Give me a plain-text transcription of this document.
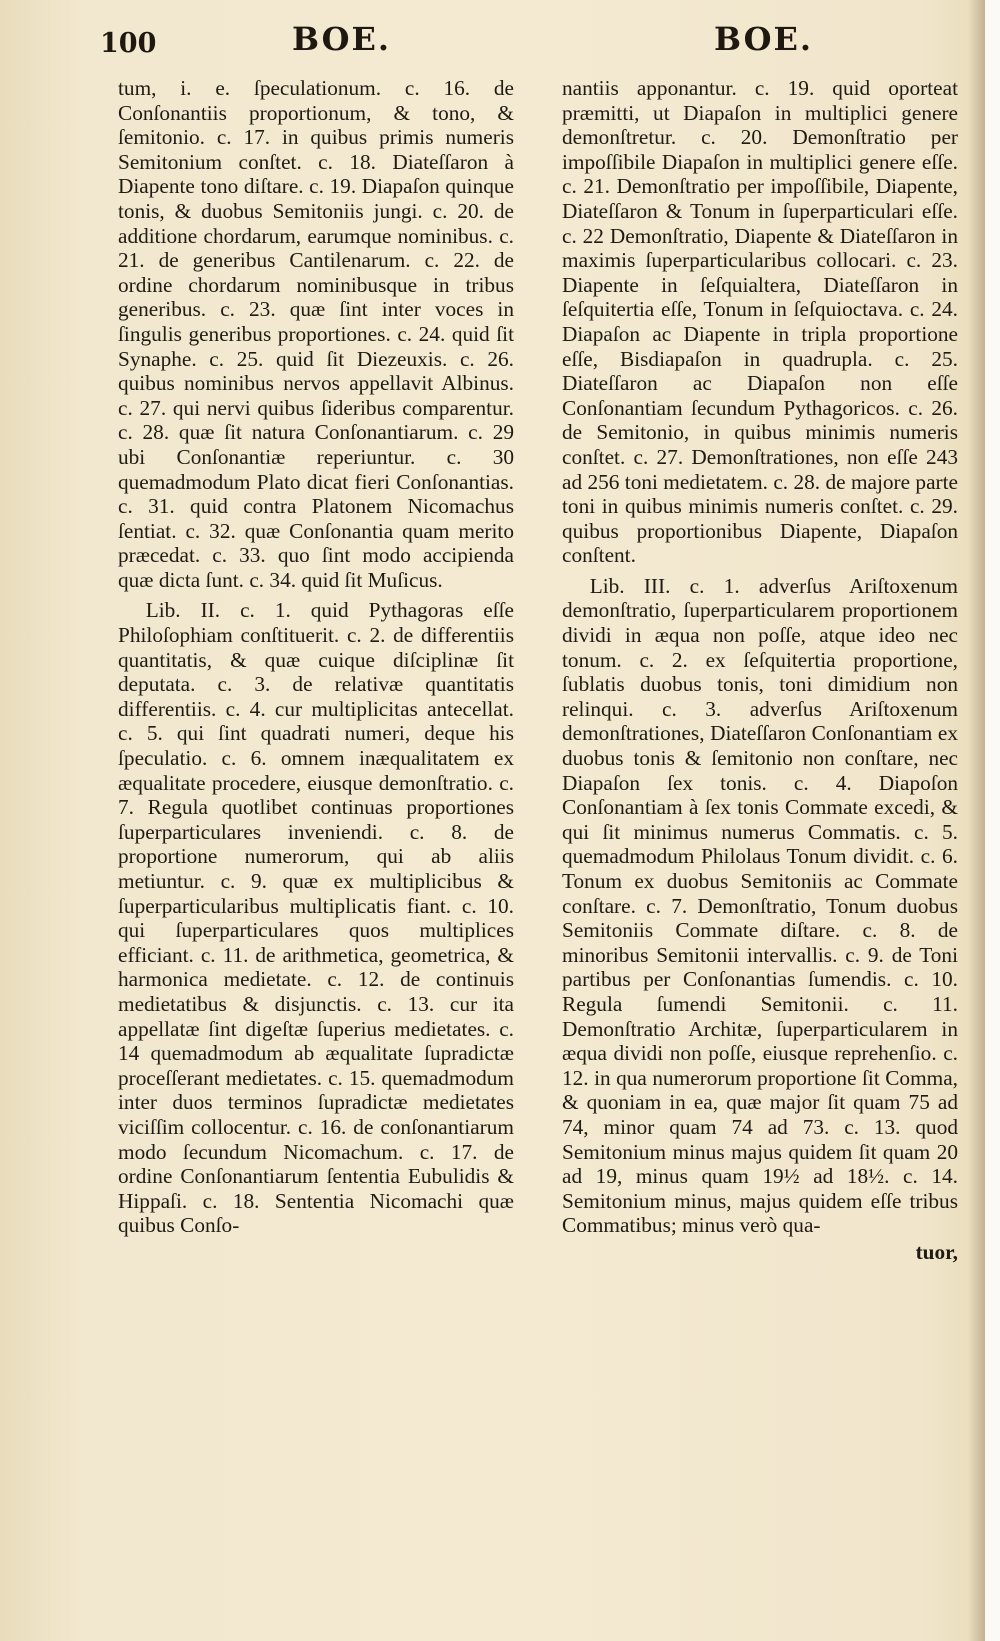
100	BOE.	BOE.

tum, i. e. ſpeculationum. c. 16. de Conſonantiis proportionum, & tono, & ſemitonio. c. 17. in quibus primis numeris Semitonium conſtet. c. 18. Diateſſaron à Diapente tono diſtare. c. 19. Diapaſon quinque tonis, & duobus Semitoniis jungi. c. 20. de additione chordarum, earumque nominibus. c. 21. de generibus Cantilenarum. c. 22. de ordine chordarum nominibusque in tribus generibus. c. 23. quæ ſint inter voces in ſingulis generibus proportiones. c. 24. quid ſit Synaphe. c. 25. quid ſit Diezeuxis. c. 26. quibus nominibus nervos appellavit Albinus. c. 27. qui nervi quibus ſideribus comparentur. c. 28. quæ ſit natura Conſonantiarum. c. 29 ubi Conſonantiæ reperiuntur. c. 30 quemadmodum Plato dicat fieri Conſonantias. c. 31. quid contra Platonem Nicomachus ſentiat. c. 32. quæ Conſonantia quam merito præcedat. c. 33. quo ſint modo accipienda quæ dicta ſunt. c. 34. quid ſit Muſicus.

Lib. II. c. 1. quid Pythagoras eſſe Philoſophiam conſtituerit. c. 2. de differentiis quantitatis, & quæ cuique diſciplinæ ſit deputata. c. 3. de relativæ quantitatis differentiis. c. 4. cur multiplicitas antecellat. c. 5. qui ſint quadrati numeri, deque his ſpeculatio. c. 6. omnem inæqualitatem ex æqualitate procedere, eiusque demonſtratio. c. 7. Regula quotlibet continuas proportiones ſuperparticulares inveniendi. c. 8. de proportione numerorum, qui ab aliis metiuntur. c. 9. quæ ex multiplicibus & ſuperparticularibus multiplicatis fiant. c. 10. qui ſuperparticulares quos multiplices efficiant. c. 11. de arithmetica, geometrica, & harmonica medietate. c. 12. de continuis medietatibus & disjunctis. c. 13. cur ita appellatæ ſint digeſtæ ſuperius medietates. c. 14 quemadmodum ab æqualitate ſupradictæ proceſſerant medietates. c. 15. quemadmodum inter duos terminos ſupradictæ medietates viciſſim collocentur. c. 16. de conſonantiarum modo ſecundum Nicomachum. c. 17. de ordine Conſonantiarum ſententia Eubulidis & Hippaſi. c. 18. Sententia Nicomachi quæ quibus Conſo-

nantiis apponantur. c. 19. quid oporteat præmitti, ut Diapaſon in multiplici genere demonſtretur. c. 20. Demonſtratio per impoſſibile Diapaſon in multiplici genere eſſe. c. 21. Demonſtratio per impoſſibile, Diapente, Diateſſaron & Tonum in ſuperparticulari eſſe. c. 22 Demonſtratio, Diapente & Diateſſaron in maximis ſuperparticularibus collocari. c. 23. Diapente in ſeſquialtera, Diateſſaron in ſeſquitertia eſſe, Tonum in ſeſquioctava. c. 24. Diapaſon ac Diapente in tripla proportione eſſe, Bisdiapaſon in quadrupla. c. 25. Diateſſaron ac Diapaſon non eſſe Conſonantiam ſecundum Pythagoricos. c. 26. de Semitonio, in quibus minimis numeris conſtet. c. 27. Demonſtrationes, non eſſe 243 ad 256 toni medietatem. c. 28. de majore parte toni in quibus minimis numeris conſtet. c. 29. quibus proportionibus Diapente, Diapaſon conſtent.

Lib. III. c. 1. adverſus Ariſtoxenum demonſtratio, ſuperparticularem proportionem dividi in æqua non poſſe, atque ideo nec tonum. c. 2. ex ſeſquitertia proportione, ſublatis duobus tonis, toni dimidium non relinqui. c. 3. adverſus Ariſtoxenum demonſtrationes, Diateſſaron Conſonantiam ex duobus tonis & ſemitonio non conſtare, nec Diapaſon ſex tonis. c. 4. Diapoſon Conſonantiam à ſex tonis Commate excedi, & qui ſit minimus numerus Commatis. c. 5. quemadmodum Philolaus Tonum dividit. c. 6. Tonum ex duobus Semitoniis ac Commate conſtare. c. 7. Demonſtratio, Tonum duobus Semitoniis Commate diſtare. c. 8. de minoribus Semitonii intervallis. c. 9. de Toni partibus per Conſonantias ſumendis. c. 10. Regula ſumendi Semitonii. c. 11. Demonſtratio Architæ, ſuperparticularem in æqua dividi non poſſe, eiusque reprehenſio. c. 12. in qua numerorum proportione ſit Comma, & quoniam in ea, quæ major ſit quam 75 ad 74, minor quam 74 ad 73. c. 13. quod Semitonium minus majus quidem ſit quam 20 ad 19, minus quam 19½ ad 18½. c. 14. Semitonium minus, majus quidem eſſe tribus Commatibus; minus verò qua-

tuor,
